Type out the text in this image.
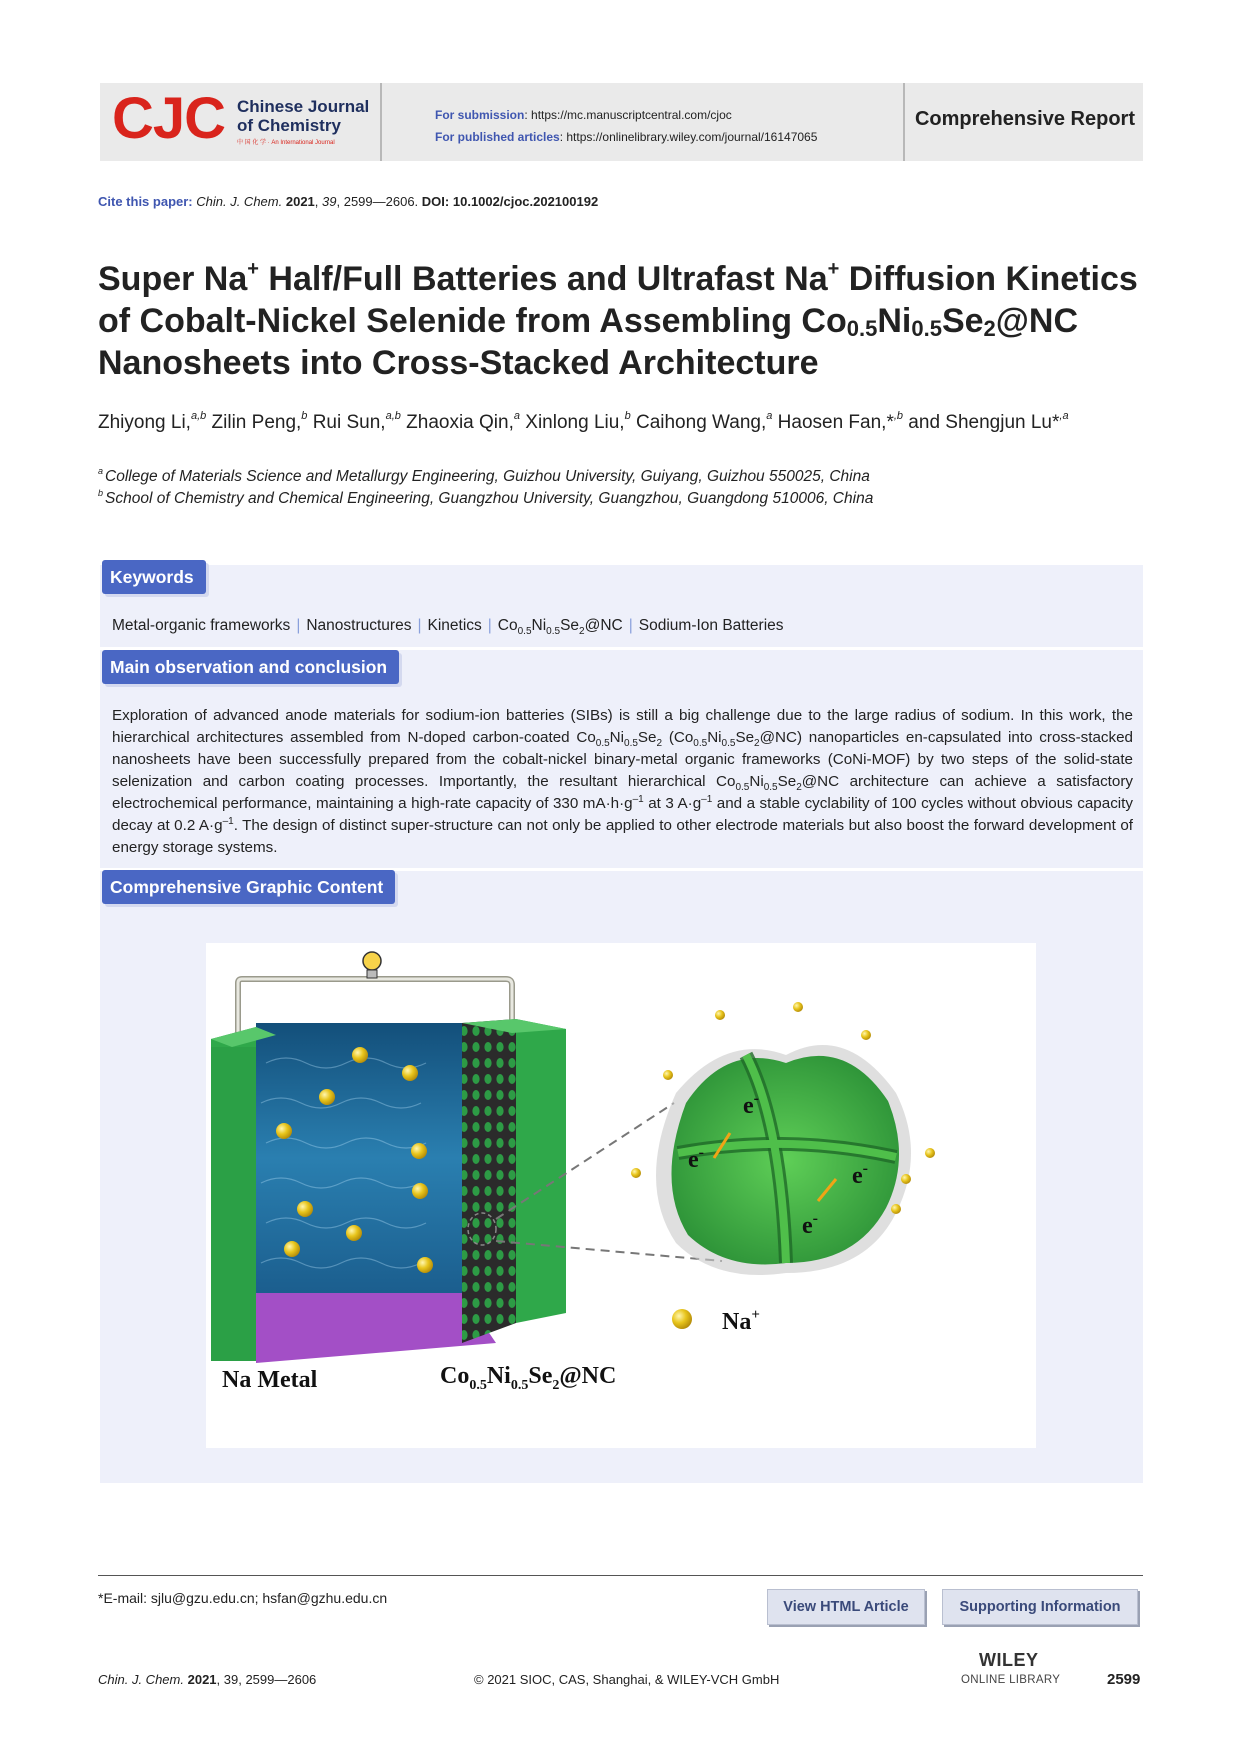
CJC Chinese Journal of Chemistry
中 国 化 学 · An International Journal
For submission: https://mc.manuscriptcentral.com/cjoc
For published articles: https://onlinelibrary.wiley.com/journal/16147065
Comprehensive Report
Cite this paper: Chin. J. Chem. 2021, 39, 2599—2606. DOI: 10.1002/cjoc.202100192
Super Na+ Half/Full Batteries and Ultrafast Na+ Diffusion Kinetics of Cobalt-Nickel Selenide from Assembling $Co_{0.5}Ni_{0.5}Se_2@NC$ Nanosheets into Cross-Stacked Architecture
Zhiyong Li,$^{a,b}$ Zilin Peng,$^b$ Rui Sun,$^{a,b}$ Zhaoxia Qin,$^a$ Xinlong Liu,$^b$ Caihong Wang,$^a$ Haosen Fan,*$^{,b}$ and Shengjun Lu*$^{,a}$
$^a$ College of Materials Science and Metallurgy Engineering, Guizhou University, Guiyang, Guizhou 550025, China
$^b$ School of Chemistry and Chemical Engineering, Guangzhou University, Guangzhou, Guangdong 510006, China
Keywords
Metal-organic frameworks | Nanostructures | Kinetics | $Co_{0.5}Ni_{0.5}Se_2@NC$ | Sodium-Ion Batteries
Main observation and conclusion

Exploration of advanced anode materials for sodium-ion batteries (SIBs) is still a big challenge due to the large radius of sodium. In this work, the hierarchical architectures assembled from N-doped carbon-coated $Co_{0.5}Ni_{0.5}Se_2$ $(Co_{0.5}Ni_{0.5}Se_2@NC)$ nanoparticles en-capsulated into cross-stacked nanosheets have been successfully prepared from the cobalt-nickel binary-metal organic frameworks (CoNi-MOF) by two steps of the solid-state selenization and carbon coating processes. Importantly, the resultant hierarchical $Co_{0.5}Ni_{0.5}Se_2@NC$ architecture can achieve a satisfactory electrochemical performance, maintaining a high-rate capacity of 330 $mA\cdot h\cdot g^{-1}$ at 3 $A\cdot g^{-1}$ and a stable cyclability of 100 cycles without obvious capacity decay at 0.2 $A\cdot g^{-1}$. The design of distinct super-structure can not only be applied to other electrode materials but also boost the forward development of energy storage systems.

Comprehensive Graphic Content
e-
e-
e-
e-
Na+
Na Metal	$Co_{0.5}Ni_{0.5}Se_2@NC$
*E-mail: sjlu@gzu.edu.cn; hsfan@gzhu.edu.cn
View HTML Article	Supporting Information
Chin. J. Chem. 2021, 39, 2599—2606	© 2021 SIOC, CAS, Shanghai, & WILEY-VCH GmbH
WILEY
ONLINE LIBRARY	2599
